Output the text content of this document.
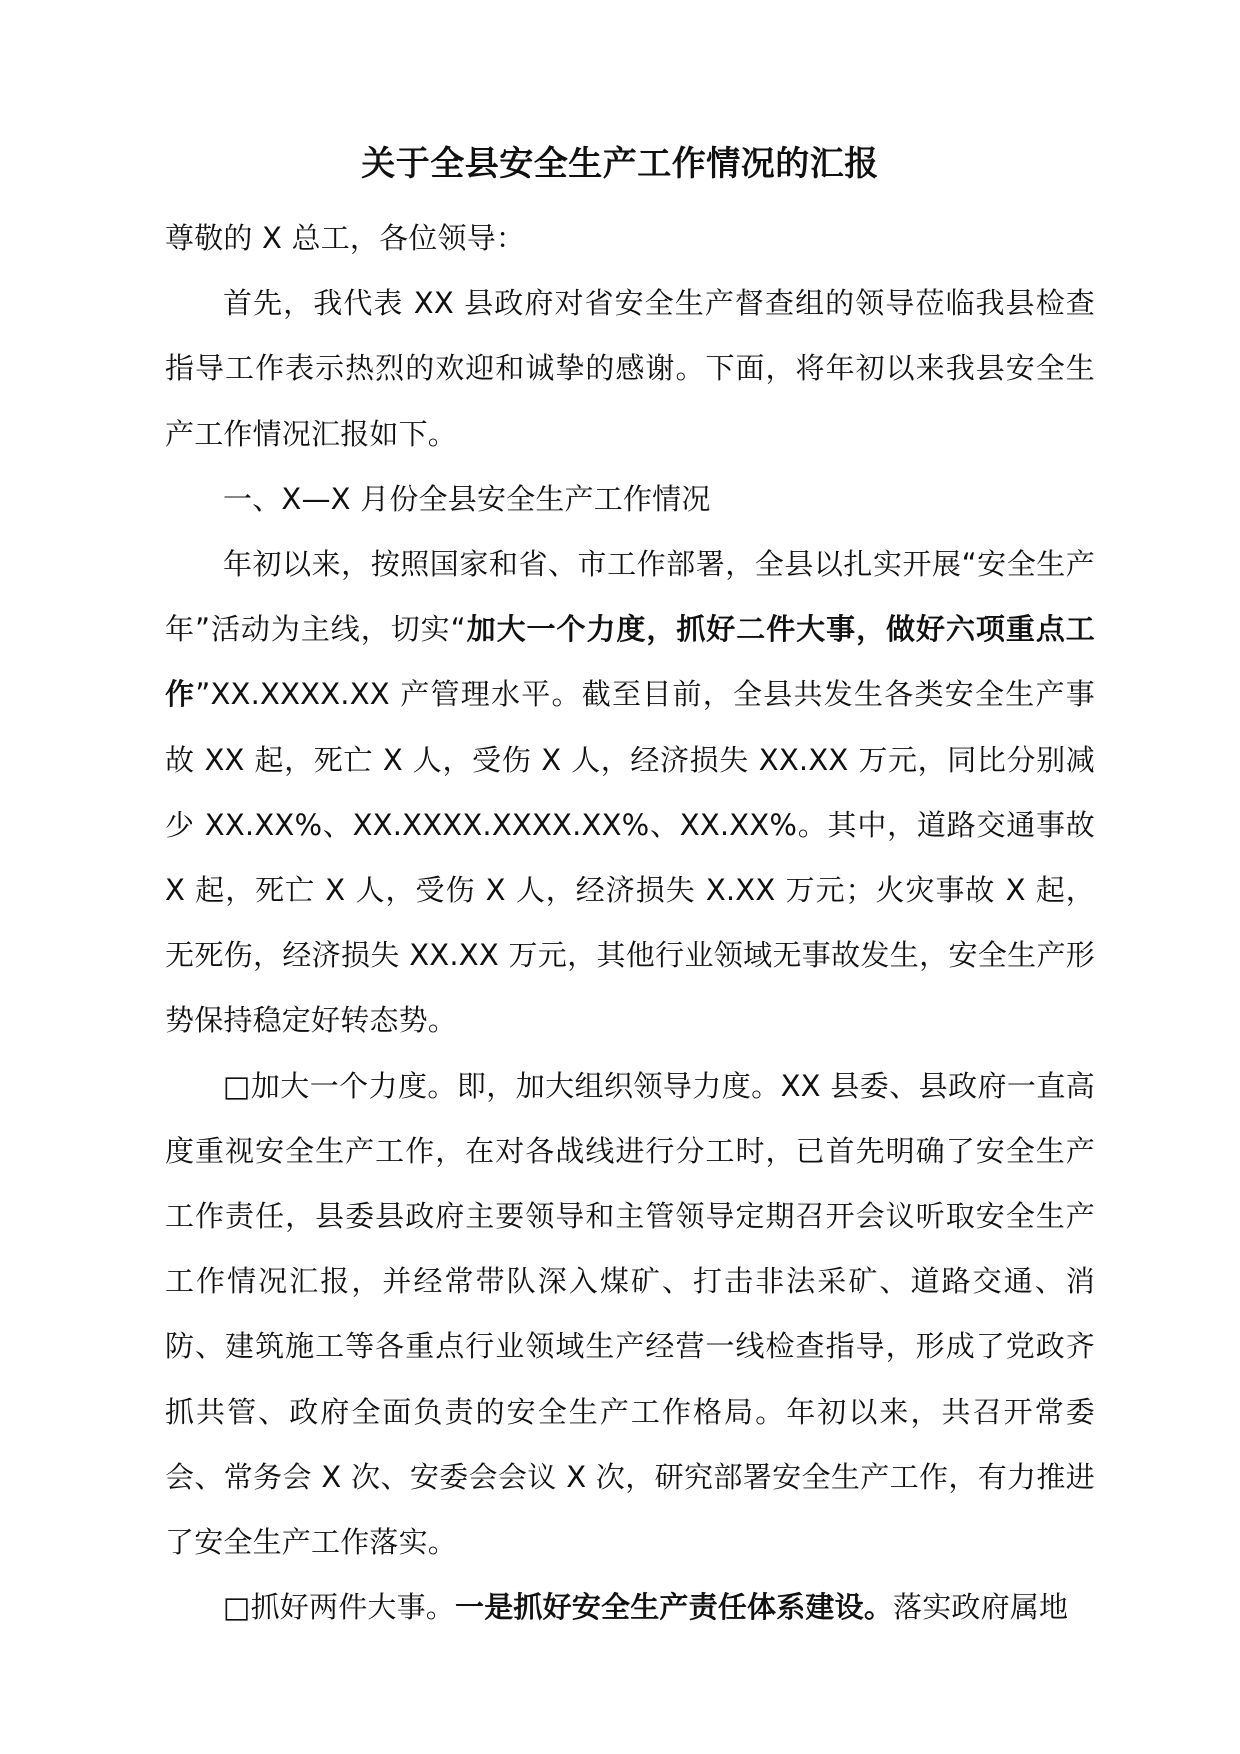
关于全县安全生产工作情况的汇报

尊敬的 X 总工，各位领导：

首先，我代表 XX 县政府对省安全生产督查组的领导莅临我县检查指导工作表示热烈的欢迎和诚挚的感谢。下面，将年初以来我县安全生产工作情况汇报如下。

一、X—X 月份全县安全生产工作情况

年初以来，按照国家和省、市工作部署，全县以扎实开展“安全生产年”活动为主线，切实“加大一个力度，抓好二件大事，做好六项重点工作”XX.XXXX.XX 产管理水平。截至目前，全县共发生各类安全生产事故 XX 起，死亡 X 人，受伤 X 人，经济损失 XX.XX 万元，同比分别减少 XX.XX%、XX.XXXX.XXXX.XX%、XX.XX%。其中，道路交通事故 X 起，死亡 X 人，受伤 X 人，经济损失 X.XX 万元；火灾事故 X 起，无死伤，经济损失 XX.XX 万元，其他行业领域无事故发生，安全生产形势保持稳定好转态势。

□加大一个力度。即，加大组织领导力度。XX 县委、县政府一直高度重视安全生产工作，在对各战线进行分工时，已首先明确了安全生产工作责任，县委县政府主要领导和主管领导定期召开会议听取安全生产工作情况汇报，并经常带队深入煤矿、打击非法采矿、道路交通、消防、建筑施工等各重点行业领域生产经营一线检查指导，形成了党政齐抓共管、政府全面负责的安全生产工作格局。年初以来，共召开常委会、常务会 X 次、安委会会议 X 次，研究部署安全生产工作，有力推进了安全生产工作落实。

□抓好两件大事。一是抓好安全生产责任体系建设。落实政府属地
